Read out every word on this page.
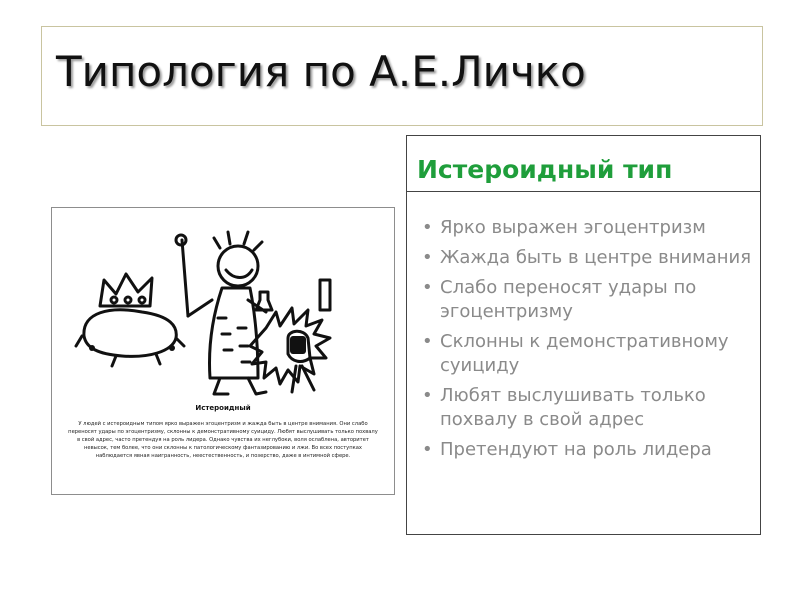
Типология по А.Е.Личко
Истероидный
У людей с истероидным типом ярко выражен эгоцентризм и жажда быть в центре внимания. Они слабо переносят удары по эгоцентризму, склонны к демонстративному суициду. Любят выслушивать только похвалу в свой адрес, часто претендуя на роль лидера. Однако чувства их неглубоки, воля ослаблена, авторитет невысок, тем более, что они склонны к патологическому фантазированию и лжи. Во всех поступках наблюдается явная наигранность, неестественность, и позерство, даже в интимной сфере.
Истероидный тип
• Ярко выражен эгоцентризм
• Жажда быть в центре внимания
• Слабо переносят удары по эгоцентризму
• Склонны к демонстративному суициду
• Любят выслушивать только похвалу в свой адрес
• Претендуют на роль лидера
